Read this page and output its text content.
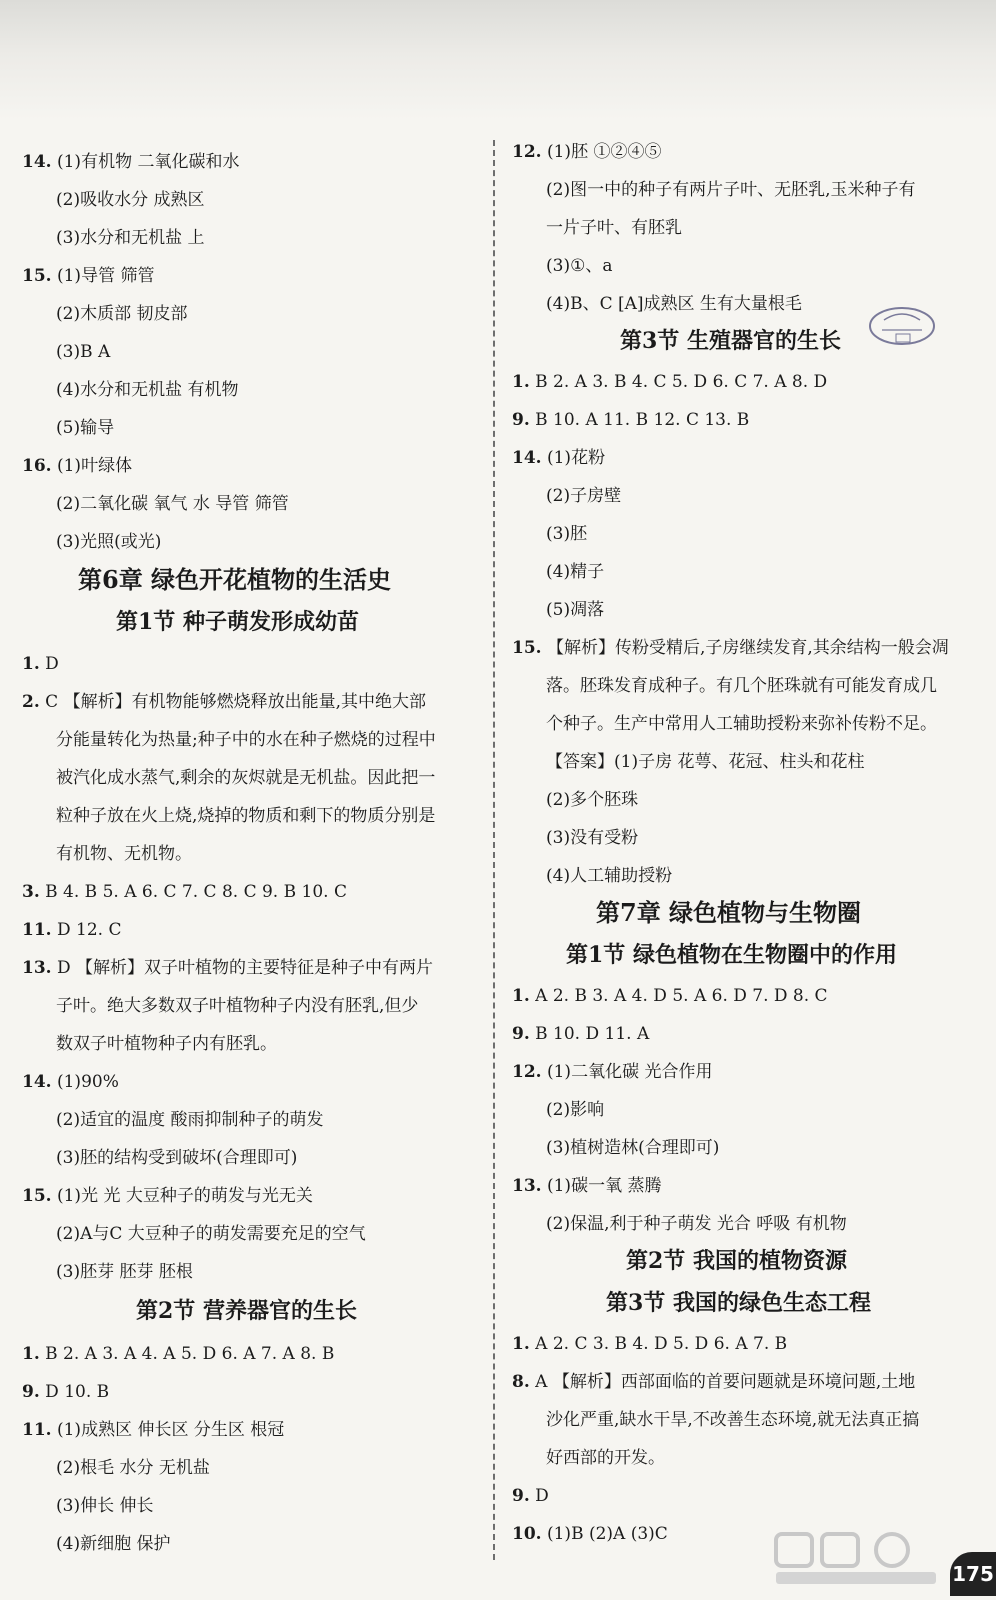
14. (1)有机物 二氧化碳和水
(2)吸收水分 成熟区
(3)水分和无机盐 上
15. (1)导管 筛管
(2)木质部 韧皮部
(3)B A
(4)水分和无机盐 有机物
(5)输导
16. (1)叶绿体
(2)二氧化碳 氧气 水 导管 筛管
(3)光照(或光)
第6章 绿色开花植物的生活史
第1节 种子萌发形成幼苗
1. D
2. C 【解析】有机物能够燃烧释放出能量,其中绝大部
分能量转化为热量;种子中的水在种子燃烧的过程中
被汽化成水蒸气,剩余的灰烬就是无机盐。因此把一
粒种子放在火上烧,烧掉的物质和剩下的物质分别是
有机物、无机物。
3. B 4. B 5. A 6. C 7. C 8. C 9. B 10. C
11. D 12. C
13. D 【解析】双子叶植物的主要特征是种子中有两片
子叶。绝大多数双子叶植物种子内没有胚乳,但少
数双子叶植物种子内有胚乳。
14. (1)90%
(2)适宜的温度 酸雨抑制种子的萌发
(3)胚的结构受到破坏(合理即可)
15. (1)光 光 大豆种子的萌发与光无关
(2)A与C 大豆种子的萌发需要充足的空气
(3)胚芽 胚芽 胚根
第2节 营养器官的生长
1. B 2. A 3. A 4. A 5. D 6. A 7. A 8. B
9. D 10. B
11. (1)成熟区 伸长区 分生区 根冠
(2)根毛 水分 无机盐
(3)伸长 伸长
(4)新细胞 保护
12. (1)胚 ①②④⑤
(2)图一中的种子有两片子叶、无胚乳,玉米种子有
一片子叶、有胚乳
(3)①、a
(4)B、C [A]成熟区 生有大量根毛
第3节 生殖器官的生长
1. B 2. A 3. B 4. C 5. D 6. C 7. A 8. D
9. B 10. A 11. B 12. C 13. B
14. (1)花粉
(2)子房壁
(3)胚
(4)精子
(5)凋落
15. 【解析】传粉受精后,子房继续发育,其余结构一般会凋
落。胚珠发育成种子。有几个胚珠就有可能发育成几
个种子。生产中常用人工辅助授粉来弥补传粉不足。
【答案】(1)子房 花萼、花冠、柱头和花柱
(2)多个胚珠
(3)没有受粉
(4)人工辅助授粉
第7章 绿色植物与生物圈
第1节 绿色植物在生物圈中的作用
1. A 2. B 3. A 4. D 5. A 6. D 7. D 8. C
9. B 10. D 11. A
12. (1)二氧化碳 光合作用
(2)影响
(3)植树造林(合理即可)
13. (1)碳一氧 蒸腾
(2)保温,利于种子萌发 光合 呼吸 有机物
第2节 我国的植物资源
第3节 我国的绿色生态工程
1. A 2. C 3. B 4. D 5. D 6. A 7. B
8. A 【解析】西部面临的首要问题就是环境问题,土地
沙化严重,缺水干旱,不改善生态环境,就无法真正搞
好西部的开发。
9. D
10. (1)B (2)A (3)C
175
